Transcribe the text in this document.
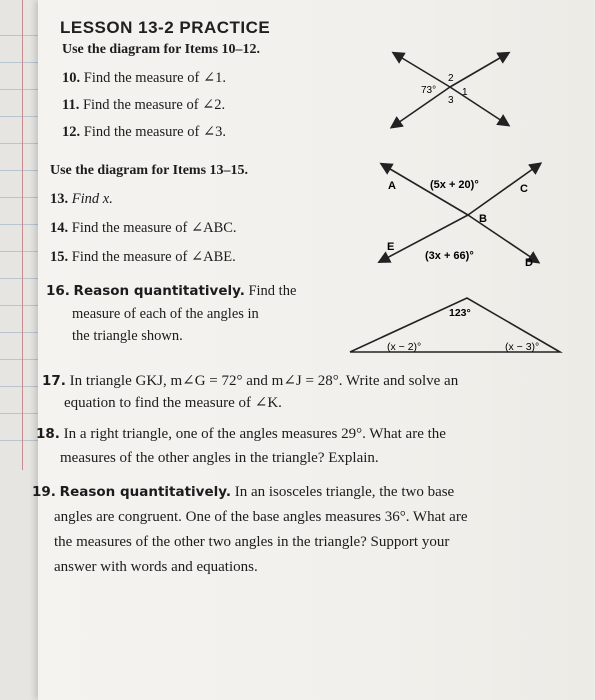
LESSON 13-2 PRACTICE
Use the diagram for Items 10–12.
10. Find the measure of ∠1.
11. Find the measure of ∠2.
12. Find the measure of ∠3.
73°
2
1
3
Use the diagram for Items 13–15.
13. Find x.
14. Find the measure of ∠ABC.
15. Find the measure of ∠ABE.
A	C
B
E
D
(5x + 20)°
(3x + 66)°
16. Reason quantitatively. Find the
measure of each of the angles in
the triangle shown.
123°
(x − 2)°	(x − 3)°
17. In triangle GKJ, m∠G = 72° and m∠J = 28°. Write and solve an
equation to find the measure of ∠K.
18. In a right triangle, one of the angles measures 29°. What are the
measures of the other angles in the triangle? Explain.
19. Reason quantitatively. In an isosceles triangle, the two base
angles are congruent. One of the base angles measures 36°. What are
the measures of the other two angles in the triangle? Support your
answer with words and equations.
